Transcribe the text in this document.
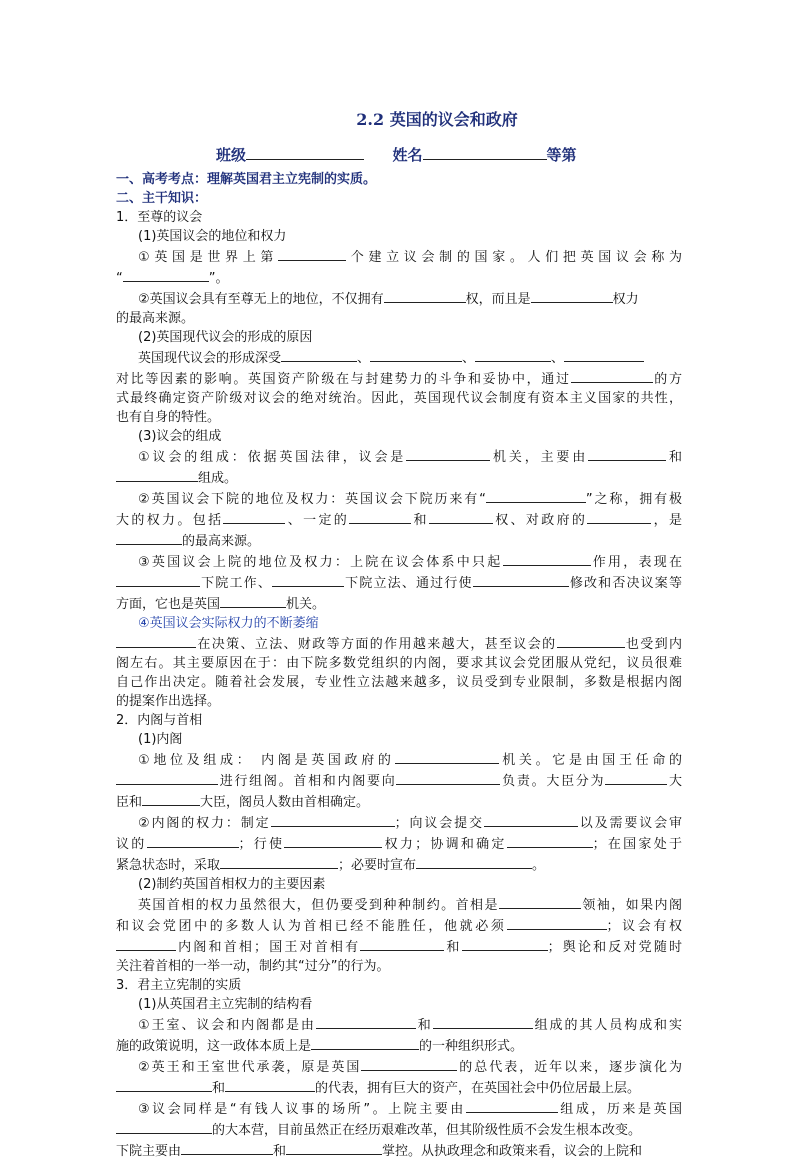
2.2 英国的议会和政府
班级	姓名	等第

一、高考考点：理解英国君主立宪制的实质。

二、主干知识：

1．至尊的议会

(1)英国议会的地位和权力

①英国是世界上第	个建立议会制的国家。人们把英国议会称为

“	”。

②英国议会具有至尊无上的地位，不仅拥有	权，而且是	权力

的最高来源。

(2)英国现代议会的形成的原因

英国现代议会的形成深受	、	、	、

对比等因素的影响。英国资产阶级在与封建势力的斗争和妥协中，通过	的方

式最终确定资产阶级对议会的绝对统治。因此，英国现代议会制度有资本主义国家的共性，

也有自身的特性。

(3)议会的组成

①议会的组成：依据英国法律，议会是	机关，主要由	和

组成。

②英国议会下院的地位及权力：英国议会下院历来有“	”之称，拥有极

大的权力。包括	、一定的	和	权、对政府的	，是

的最高来源。

③英国议会上院的地位及权力：上院在议会体系中只起	作用，表现在

下院工作、	下院立法、通过行使	修改和否决议案等

方面，它也是英国	机关。

④英国议会实际权力的不断萎缩

在决策、立法、财政等方面的作用越来越大，甚至议会的	也受到内

阁左右。其主要原因在于：由下院多数党组织的内阁，要求其议会党团服从党纪，议员很难

自己作出决定。随着社会发展，专业性立法越来越多，议员受到专业限制，多数是根据内阁

的提案作出选择。

2．内阁与首相

(1)内阁

①地位及组成： 内阁是英国政府的	机关。它是由国王任命的

进行组阁。首相和内阁要向	负责。大臣分为	大

臣和	大臣，阁员人数由首相确定。

②内阁的权力：制定	；向议会提交	以及需要议会审

议的	；行使	权力；协调和确定	；在国家处于

紧急状态时，采取	；必要时宣布	。

(2)制约英国首相权力的主要因素

英国首相的权力虽然很大，但仍要受到种种制约。首相是	领袖，如果内阁

和议会党团中的多数人认为首相已经不能胜任，他就必须	；议会有权

内阁和首相；国王对首相有	和	；舆论和反对党随时

关注着首相的一举一动，制约其“过分”的行为。

3．君主立宪制的实质

(1)从英国君主立宪制的结构看

①王室、议会和内阁都是由	和	组成的其人员构成和实

施的政策说明，这一政体本质上是	的一种组织形式。

②英王和王室世代承袭，原是英国	的总代表，近年以来，逐步演化为

和	的代表，拥有巨大的资产，在英国社会中仍位居最上层。

③议会同样是“有钱人议事的场所”。上院主要由	组成，历来是英国

的大本营，目前虽然正在经历艰难改革，但其阶级性质不会发生根本改变。

下院主要由	和	掌控。从执政理念和政策来看，议会的上院和
